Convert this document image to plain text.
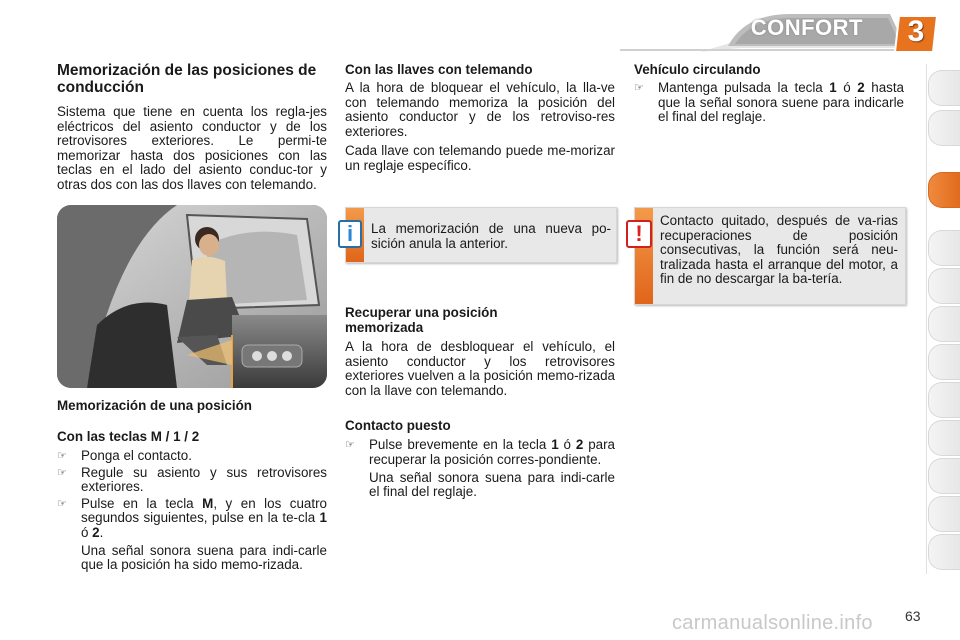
CONFORT	3

Memorización de las posiciones de conducción

Sistema que tiene en cuenta los regla-jes eléctricos del asiento conductor y de los retrovisores exteriores. Le permi-te memorizar hasta dos posiciones con las teclas en el lado del asiento conduc-tor y otras dos con las dos llaves con telemando.

Memorización de una posición

Con las teclas M / 1 / 2

☞	Ponga el contacto.
☞	Regule su asiento y sus retrovisores exteriores.
☞	Pulse en la tecla M, y en los cuatro segundos siguientes, pulse en la te-cla 1 ó 2.
Una señal sonora suena para indi-carle que la posición ha sido memo-rizada.

Con las llaves con telemando

A la hora de bloquear el vehículo, la lla-ve con telemando memoriza la posición del asiento conductor y de los retroviso-res exteriores.

Cada llave con telemando puede me-morizar un reglaje específico.

i	La memorización de una nueva po-sición anula la anterior.

Recuperar una posición memorizada

A la hora de desbloquear el vehículo, el asiento conductor y los retrovisores exteriores vuelven a la posición memo-rizada con la llave con telemando.

Contacto puesto

☞	Pulse brevemente en la tecla 1 ó 2 para recuperar la posición corres-pondiente.
Una señal sonora suena para indi-carle el final del reglaje.

Vehículo circulando

☞	Mantenga pulsada la tecla 1 ó 2 hasta que la señal sonora suene para indicarle el final del reglaje.
!
Contacto quitado, después de va-rias recuperaciones de posición consecutivas, la función será neu-tralizada hasta el arranque del motor, a fin de no descargar la ba-tería.
63
carmanualsonline.info
